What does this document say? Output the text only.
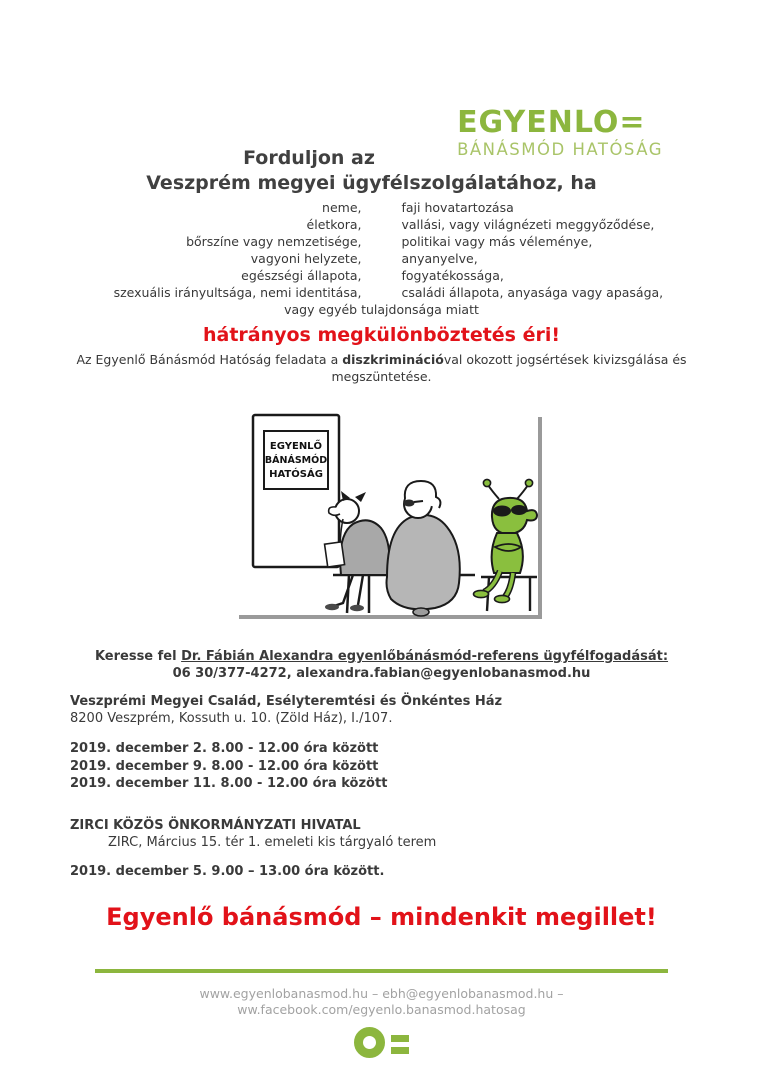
EGYENLO=
BÁNÁSMÓD HATÓSÁG
Forduljon az
Veszprém megyei ügyfélszolgálatához, ha
neme,	faji hovatartozása
életkora,	vallási, vagy világnézeti meggyőződése,
bőrszíne vagy nemzetisége,	politikai vagy más véleménye,
vagyoni helyzete,	anyanyelve,
egészségi állapota,	fogyatékossága,
szexuális irányultsága, nemi identitása,	családi állapota, anyasága vagy apasága,
vagy egyéb tulajdonsága miatt
hátrányos megkülönböztetés éri!
Az Egyenlő Bánásmód Hatóság feladata a diszkriminációval okozott jogsértések kivizsgálása és megszüntetése.
EGYENLŐ
BÁNÁSMÓD
HATÓSÁG
Keresse fel Dr. Fábián Alexandra egyenlőbánásmód-referens ügyfélfogadását:
06 30/377-4272, alexandra.fabian@egyenlobanasmod.hu
Veszprémi Megyei Család, Esélyteremtési és Önkéntes Ház
8200 Veszprém, Kossuth u. 10. (Zöld Ház), I./107.
2019. december 2. 8.00 - 12.00 óra között
2019. december 9. 8.00 - 12.00 óra között
2019. december 11. 8.00 - 12.00 óra között
ZIRCI KÖZÖS ÖNKORMÁNYZATI HIVATAL
ZIRC, Március 15. tér 1. emeleti kis tárgyaló terem
2019. december 5. 9.00 – 13.00 óra között.
Egyenlő bánásmód – mindenkit megillet!
www.egyenlobanasmod.hu – ebh@egyenlobanasmod.hu –
ww.facebook.com/egyenlo.banasmod.hatosag
